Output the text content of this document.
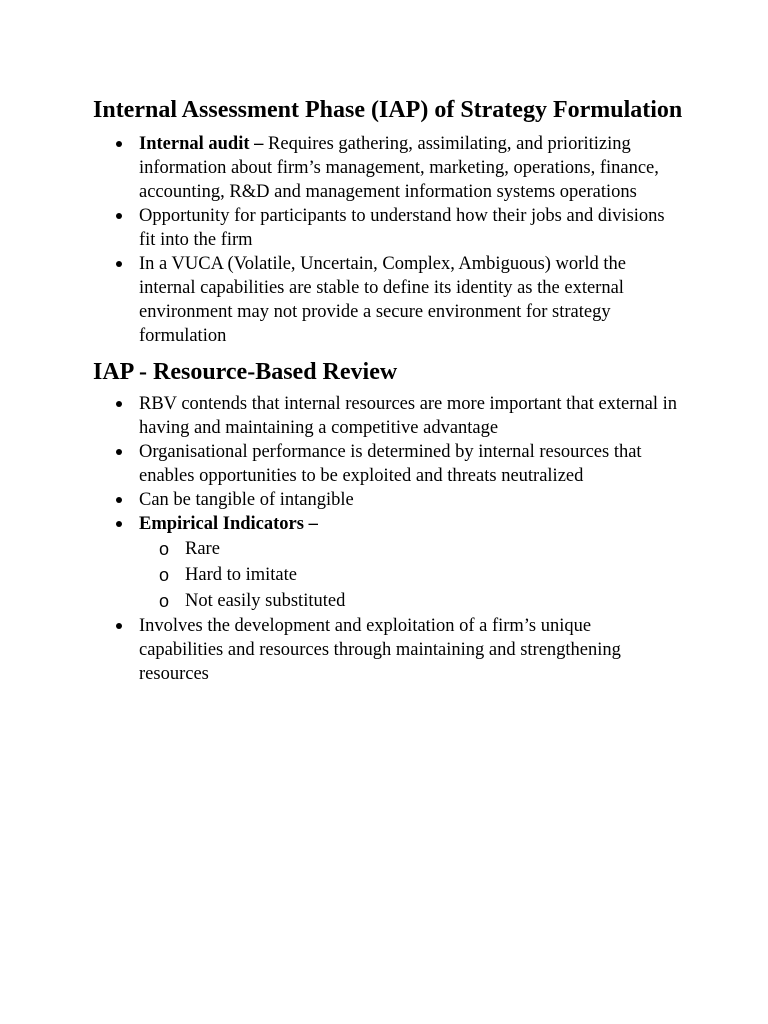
Internal Assessment Phase (IAP) of Strategy Formulation
Internal audit – Requires gathering, assimilating, and prioritizing information about firm’s management, marketing, operations, finance, accounting, R&D and management information systems operations
Opportunity for participants to understand how their jobs and divisions fit into the firm
In a VUCA (Volatile, Uncertain, Complex, Ambiguous) world the internal capabilities are stable to define its identity as the external environment may not provide a secure environment for strategy formulation
IAP - Resource-Based Review
RBV contends that internal resources are more important that external in having and maintaining a competitive advantage
Organisational performance is determined by internal resources that enables opportunities to be exploited and threats neutralized
Can be tangible of intangible
Empirical Indicators –
o Rare
o Hard to imitate
o Not easily substituted
Involves the development and exploitation of a firm’s unique capabilities and resources through maintaining and strengthening resources
